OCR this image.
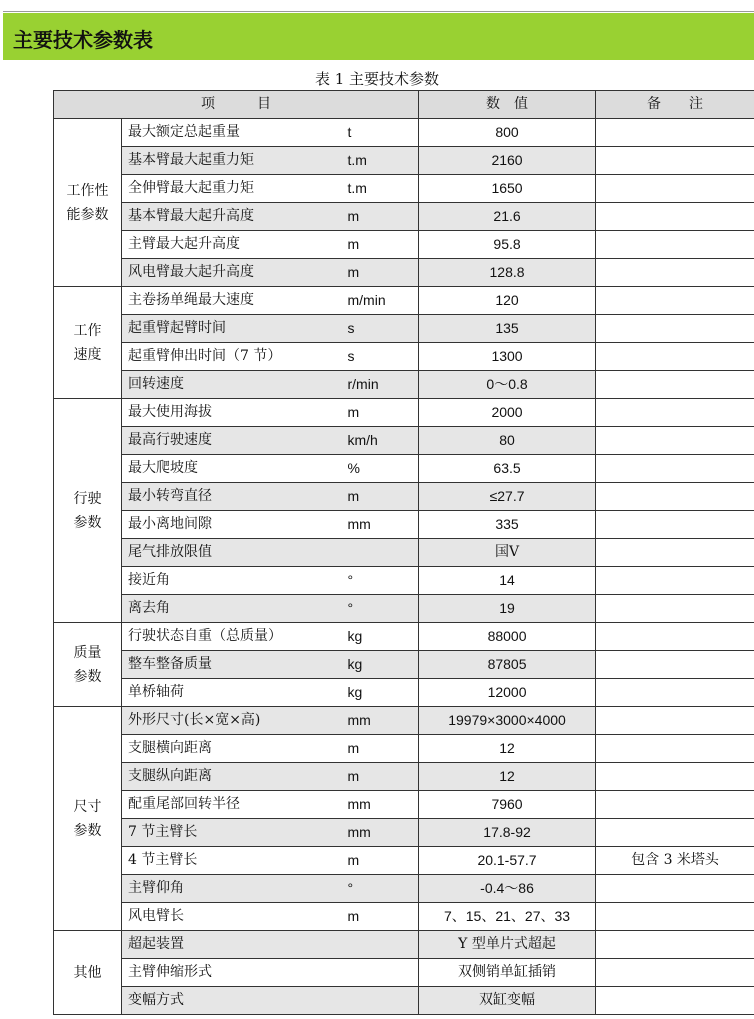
主要技术参数表
表 1 主要技术参数
项　　　目			数　值	备　　注
工作性
能参数	最大额定总起重量	t	800	
	基本臂最大起重力矩	t.m	2160	
	全伸臂最大起重力矩	t.m	1650	
	基本臂最大起升高度	m	21.6	
	主臂最大起升高度	m	95.8	
	风电臂最大起升高度	m	128.8	
工作
速度	主卷扬单绳最大速度	m/min	120	
	起重臂起臂时间	s	135	
	起重臂伸出时间（7 节）	s	1300	
	回转速度	r/min	0～0.8	
行驶
参数	最大使用海拔	m	2000	
	最高行驶速度	km/h	80	
	最大爬坡度	%	63.5	
	最小转弯直径	m	≤27.7	
	最小离地间隙	mm	335	
	尾气排放限值		国Ⅴ	
	接近角	°	14	
	离去角	°	19	
质量
参数	行驶状态自重（总质量）	kg	88000	
	整车整备质量	kg	87805	
	单桥轴荷	kg	12000	
尺寸
参数	外形尺寸(长×宽×高)	mm	19979×3000×4000	
	支腿横向距离	m	12	
	支腿纵向距离	m	12	
	配重尾部回转半径	mm	7960	
	7 节主臂长	mm	17.8-92	
	4 节主臂长	m	20.1-57.7	包含 3 米塔头
	主臂仰角	°	-0.4～86	
	风电臂长	m	7、15、21、27、33	
其他	超起装置		Y 型单片式超起	
	主臂伸缩形式		双侧销单缸插销	
	变幅方式		双缸变幅	
